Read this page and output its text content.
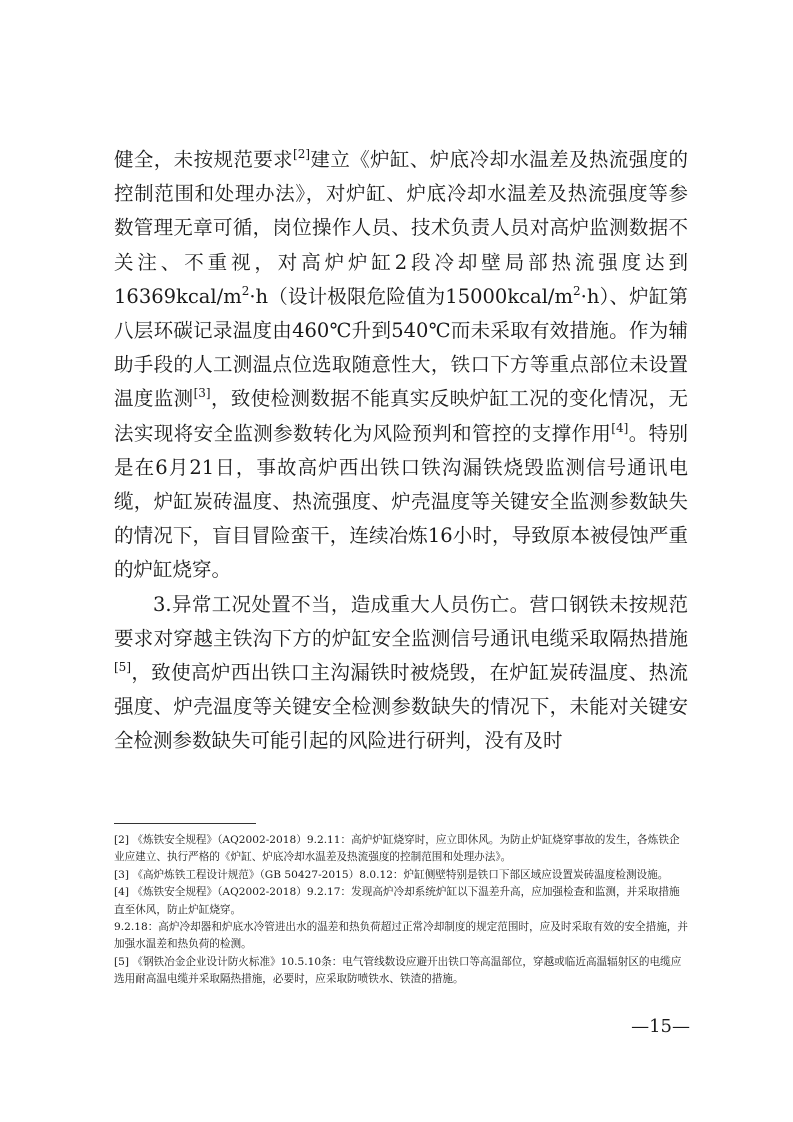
健全，未按规范要求[2]建立《炉缸、炉底冷却水温差及热流强度的控制范围和处理办法》，对炉缸、炉底冷却水温差及热流强度等参数管理无章可循，岗位操作人员、技术负责人员对高炉监测数据不关注、不重视，对高炉炉缸2段冷却壁局部热流强度达到$16369kcal/m^2\cdot h$（设计极限危险值为$15000kcal/m^2\cdot h$）、炉缸第八层环碳记录温度由460℃升到540℃而未采取有效措施。作为辅助手段的人工测温点位选取随意性大，铁口下方等重点部位未设置温度监测[3]，致使检测数据不能真实反映炉缸工况的变化情况，无法实现将安全监测参数转化为风险预判和管控的支撑作用[4]。特别是在6月21日，事故高炉西出铁口铁沟漏铁烧毁监测信号通讯电缆，炉缸炭砖温度、热流强度、炉壳温度等关键安全监测参数缺失的情况下，盲目冒险蛮干，连续冶炼16小时，导致原本被侵蚀严重的炉缸烧穿。

3.异常工况处置不当，造成重大人员伤亡。营口钢铁未按规范要求对穿越主铁沟下方的炉缸安全监测信号通讯电缆采取隔热措施[5]，致使高炉西出铁口主沟漏铁时被烧毁，在炉缸炭砖温度、热流强度、炉壳温度等关键安全检测参数缺失的情况下，未能对关键安全检测参数缺失可能引起的风险进行研判，没有及时

[2] 《炼铁安全规程》（AQ2002-2018）9.2.11：高炉炉缸烧穿时，应立即休风。为防止炉缸烧穿事故的发生，各炼铁企业应建立、执行严格的《炉缸、炉底冷却水温差及热流强度的控制范围和处理办法》。

[3] 《高炉炼铁工程设计规范》（GB 50427-2015）8.0.12：炉缸侧壁特别是铁口下部区域应设置炭砖温度检测设施。

[4] 《炼铁安全规程》（AQ2002-2018）9.2.17：发现高炉冷却系统炉缸以下温差升高，应加强检查和监测，并采取措施直至休风，防止炉缸烧穿。

9.2.18：高炉冷却器和炉底水冷管进出水的温差和热负荷超过正常冷却制度的规定范围时，应及时采取有效的安全措施，并加强水温差和热负荷的检测。

[5] 《钢铁冶金企业设计防火标准》10.5.10条：电气管线数设应避开出铁口等高温部位，穿越或临近高温辐射区的电缆应选用耐高温电缆并采取隔热措施，必要时，应采取防喷铁水、铁渣的措施。

—15—
